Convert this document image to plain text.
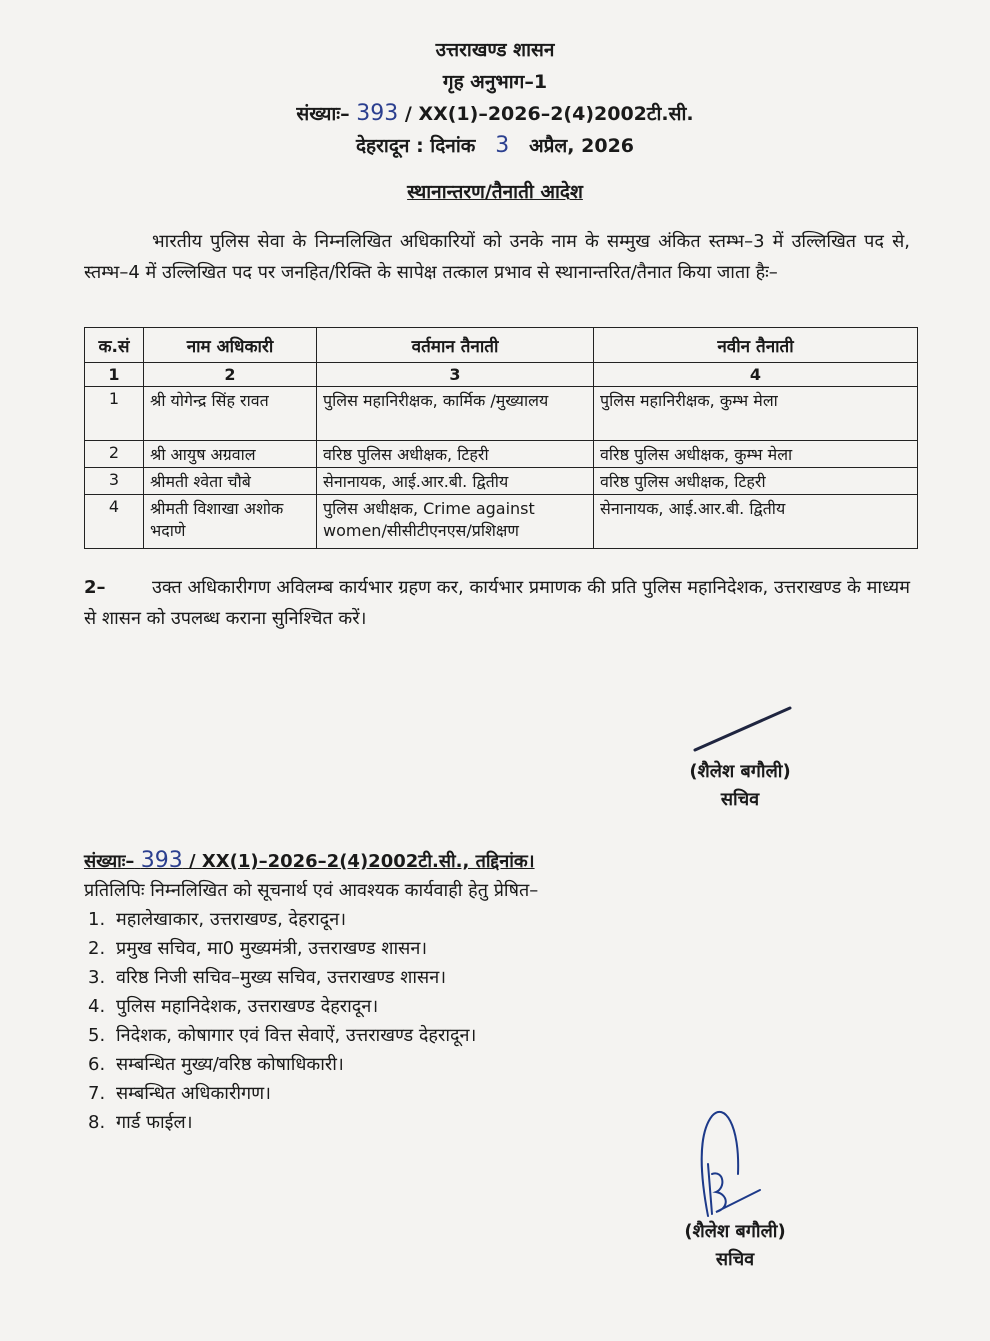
उत्तराखण्ड शासन
गृह अनुभाग–1
संख्याः– 393 / XX(1)–2026–2(4)2002टी.सी.
देहरादून : दिनांक 3 अप्रैल, 2026
स्थानान्तरण/तैनाती आदेश
भारतीय पुलिस सेवा के निम्नलिखित अधिकारियों को उनके नाम के सम्मुख अंकित स्तम्भ–3 में उल्लिखित पद से, स्तम्भ–4 में उल्लिखित पद पर जनहित/रिक्ति के सापेक्ष तत्काल प्रभाव से स्थानान्तरित/तैनात किया जाता हैः–
क.सं	नाम अधिकारी	वर्तमान तैनाती	नवीन तैनाती
1	2	3	4
1	श्री योगेन्द्र सिंह रावत	पुलिस महानिरीक्षक, कार्मिक /मुख्यालय	पुलिस महानिरीक्षक, कुम्भ मेला
2	श्री आयुष अग्रवाल	वरिष्ठ पुलिस अधीक्षक, टिहरी	वरिष्ठ पुलिस अधीक्षक, कुम्भ मेला
3	श्रीमती श्वेता चौबे	सेनानायक, आई.आर.बी. द्वितीय	वरिष्ठ पुलिस अधीक्षक, टिहरी
4	श्रीमती विशाखा अशोक भदाणे	पुलिस अधीक्षक, Crime against women/सीसीटीएनएस/प्रशिक्षण	सेनानायक, आई.आर.बी. द्वितीय
2–	उक्त अधिकारीगण अविलम्ब कार्यभार ग्रहण कर, कार्यभार प्रमाणक की प्रति पुलिस महानिदेशक, उत्तराखण्ड के माध्यम से शासन को उपलब्ध कराना सुनिश्चित करें।
(शैलेश बगौली)
सचिव
संख्याः– 393 / XX(1)–2026–2(4)2002टी.सी., तद्दिनांक।
प्रतिलिपिः निम्नलिखित को सूचनार्थ एवं आवश्यक कार्यवाही हेतु प्रेषित–
1. महालेखाकार, उत्तराखण्ड, देहरादून।
2. प्रमुख सचिव, मा0 मुख्यमंत्री, उत्तराखण्ड शासन।
3. वरिष्ठ निजी सचिव–मुख्य सचिव, उत्तराखण्ड शासन।
4. पुलिस महानिदेशक, उत्तराखण्ड देहरादून।
5. निदेशक, कोषागार एवं वित्त सेवाऐं, उत्तराखण्ड देहरादून।
6. सम्बन्धित मुख्य/वरिष्ठ कोषाधिकारी।
7. सम्बन्धित अधिकारीगण।
8. गार्ड फाईल।
(शैलेश बगौली)
सचिव
